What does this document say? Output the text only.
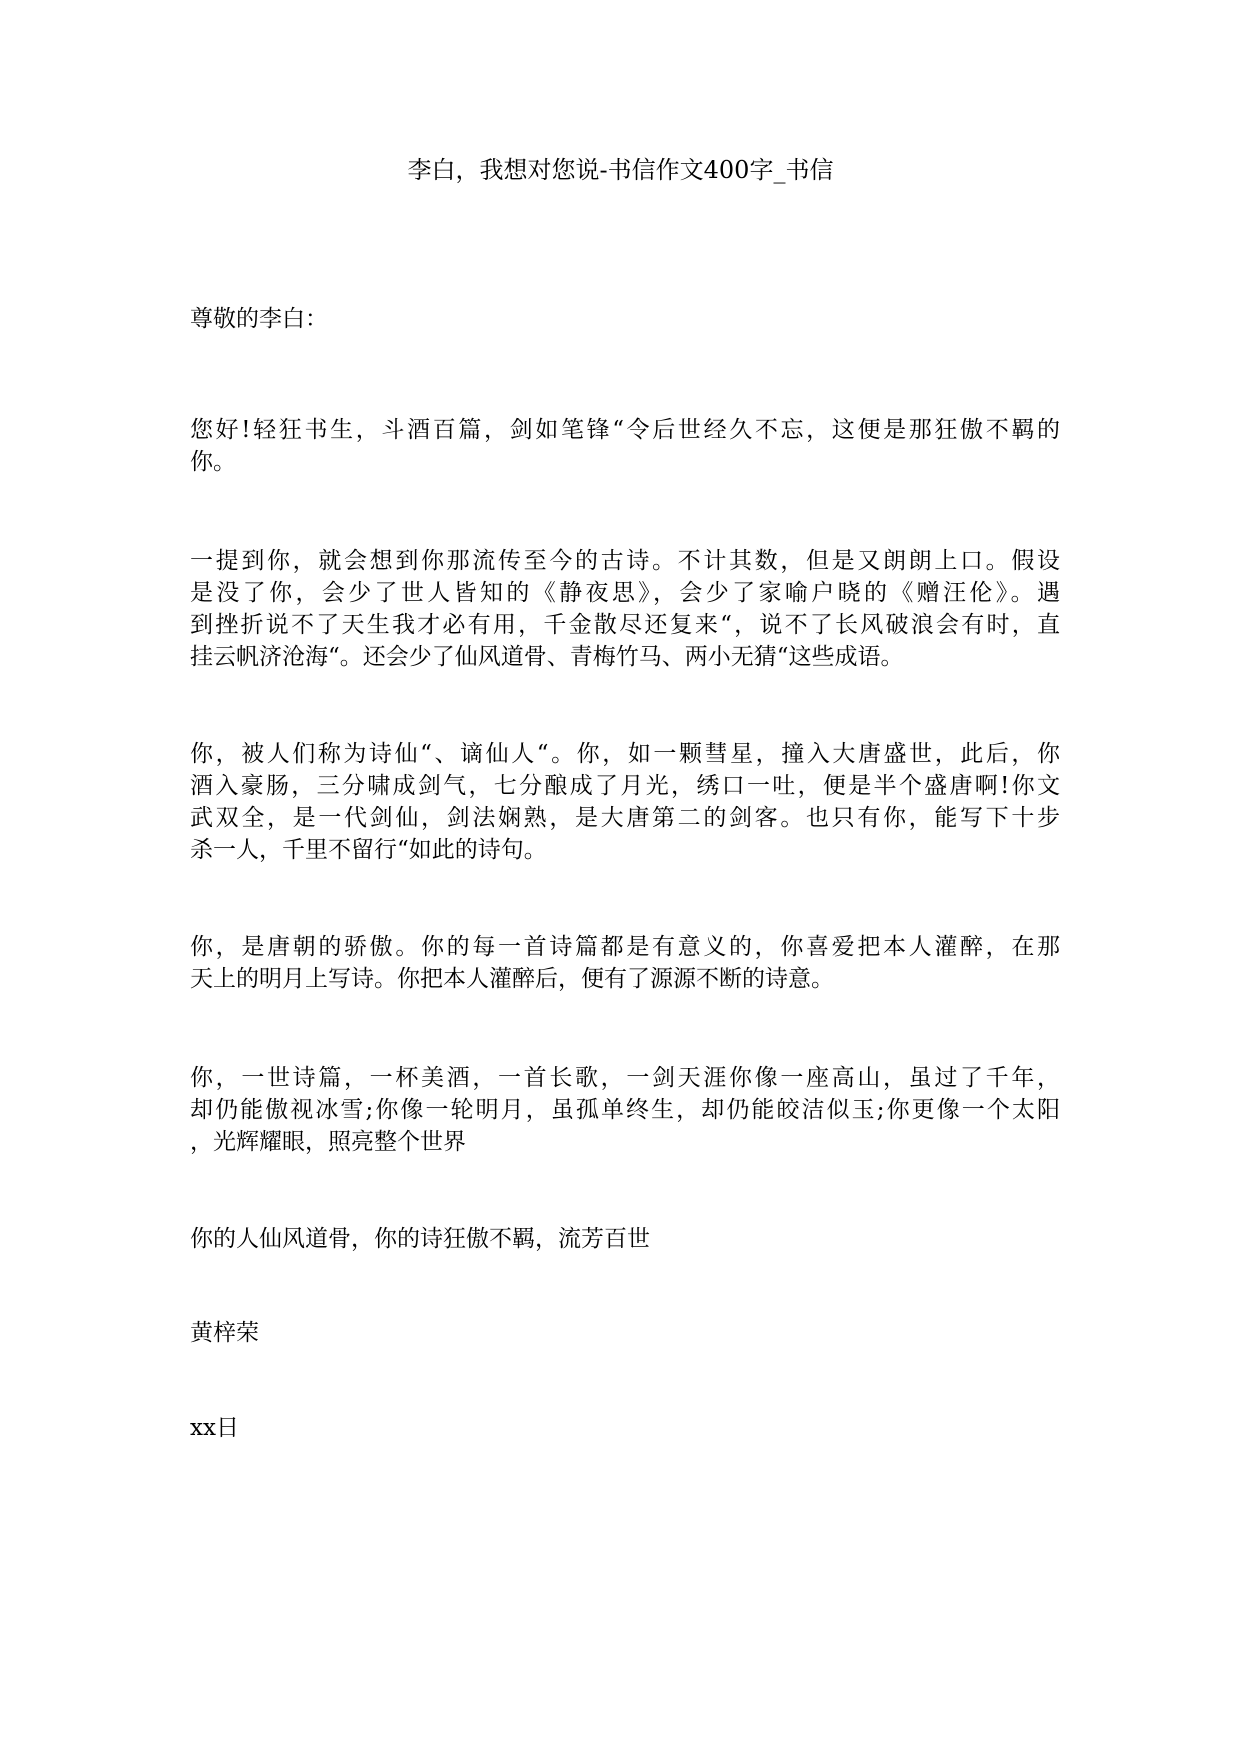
李白，我想对您说-书信作文400字_书信

尊敬的李白：

您好!轻狂书生，斗酒百篇，剑如笔锋“令后世经久不忘，这便是那狂傲不羁的
你。

一提到你，就会想到你那流传至今的古诗。不计其数，但是又朗朗上口。假设
是没了你，会少了世人皆知的《静夜思》，会少了家喻户晓的《赠汪伦》。遇
到挫折说不了天生我才必有用，千金散尽还复来“，说不了长风破浪会有时，直
挂云帆济沧海“。还会少了仙风道骨、青梅竹马、两小无猜“这些成语。

你，被人们称为诗仙“、谪仙人“。你，如一颗彗星，撞入大唐盛世，此后，你
酒入豪肠，三分啸成剑气，七分酿成了月光，绣口一吐，便是半个盛唐啊!你文
武双全，是一代剑仙，剑法娴熟，是大唐第二的剑客。也只有你，能写下十步
杀一人，千里不留行“如此的诗句。

你，是唐朝的骄傲。你的每一首诗篇都是有意义的，你喜爱把本人灌醉，在那
天上的明月上写诗。你把本人灌醉后，便有了源源不断的诗意。

你，一世诗篇，一杯美酒，一首长歌，一剑天涯你像一座高山，虽过了千年，
却仍能傲视冰雪;你像一轮明月，虽孤单终生，却仍能皎洁似玉;你更像一个太阳
，光辉耀眼，照亮整个世界

你的人仙风道骨，你的诗狂傲不羁，流芳百世

黄梓荣

xx日
